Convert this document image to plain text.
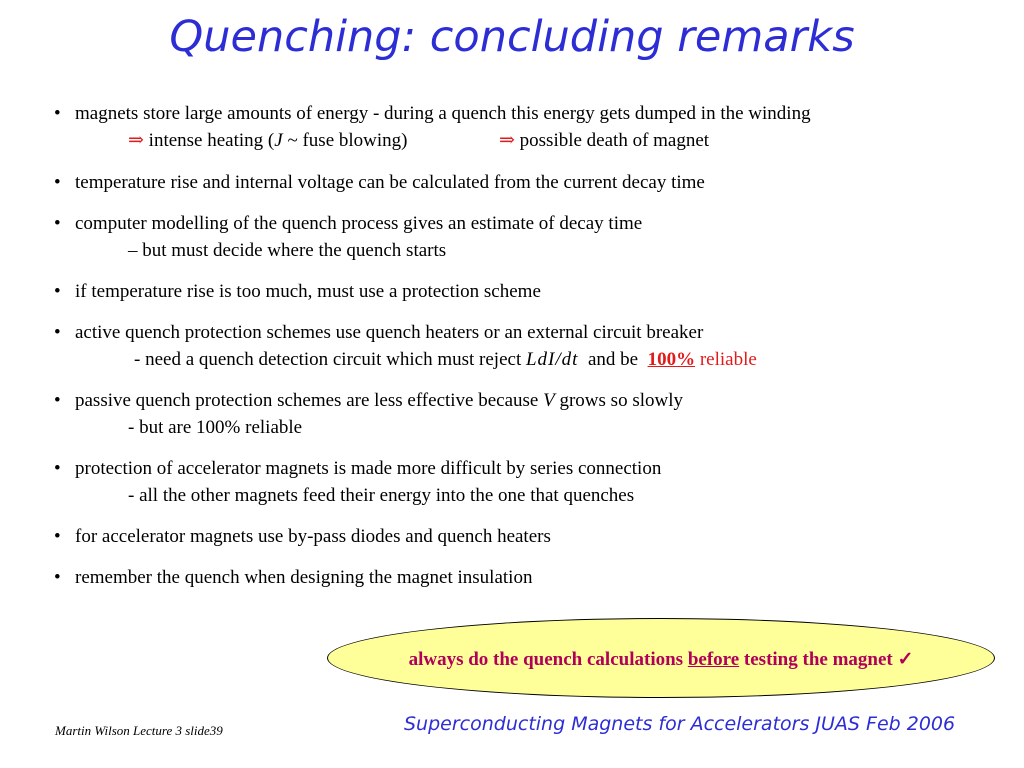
Quenching: concluding remarks
• magnets store large amounts of energy - during a quench this energy gets dumped in the winding
⇒ intense heating (J ~ fuse blowing)	⇒ possible death of magnet
• temperature rise and internal voltage can be calculated from the current decay time
• computer modelling of the quench process gives an estimate of decay time
– but must decide where the quench starts
• if temperature rise is too much, must use a protection scheme
• active quench protection schemes use quench heaters or an external circuit breaker
- need a quench detection circuit which must reject LdI/dt and be 100% reliable
• passive quench protection schemes are less effective because V grows so slowly
- but are 100% reliable
• protection of accelerator magnets is made more difficult by series connection
- all the other magnets feed their energy into the one that quenches
• for accelerator magnets use by-pass diodes and quench heaters
• remember the quench when designing the magnet insulation
always do the quench calculations before testing the magnet ✓
Martin Wilson Lecture 3 slide39	Superconducting Magnets for Accelerators JUAS Feb 2006
